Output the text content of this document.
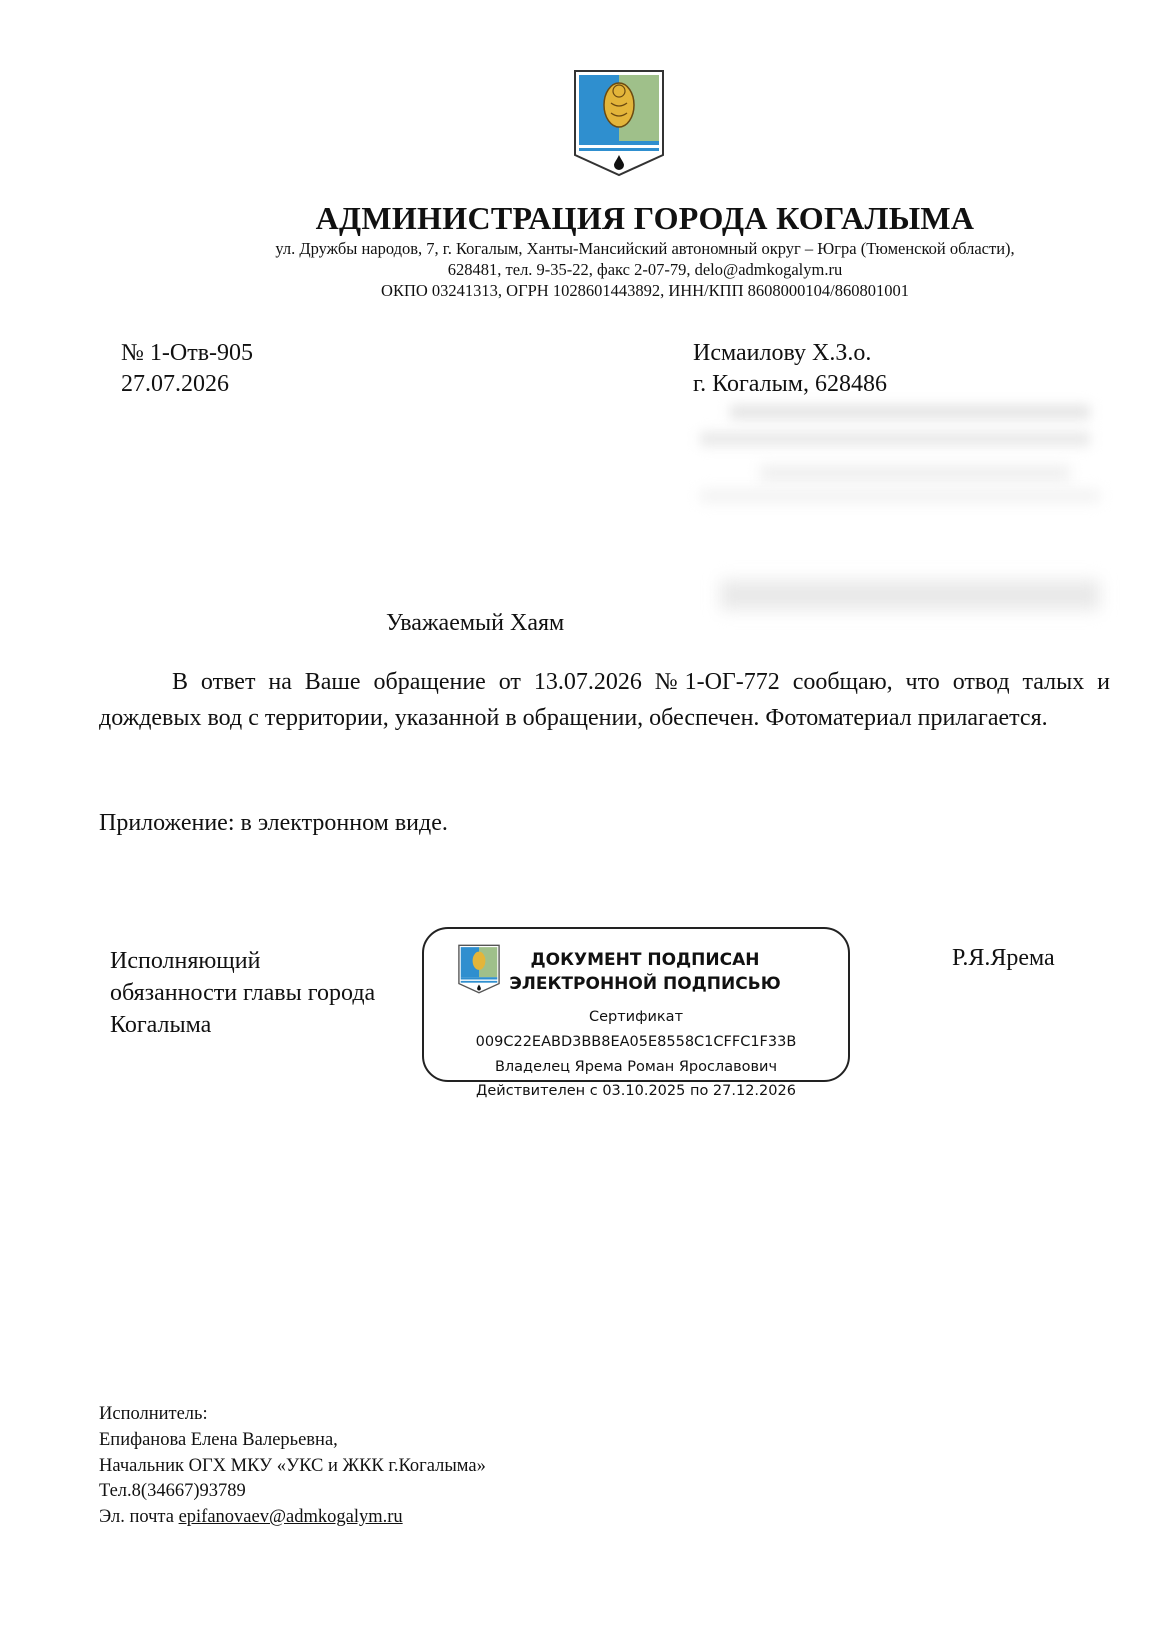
АДМИНИСТРАЦИЯ ГОРОДА КОГАЛЫМА
ул. Дружбы народов, 7, г. Когалым, Ханты-Мансийский автономный округ – Югра (Тюменской области),
628481, тел. 9-35-22, факс 2-07-79, delo@admkogalym.ru
ОКПО 03241313, ОГРН 1028601443892, ИНН/КПП 8608000104/860801001
№ 1-Отв-905
27.07.2026
Исмаилову Х.З.о.
г. Когалым, 628486
Уважаемый Хаям
В ответ на Ваше обращение от 13.07.2026 №1-ОГ-772 сообщаю, что отвод талых и дождевых вод с территории, указанной в обращении, обеспечен. Фотоматериал прилагается.
Приложение: в электронном виде.
Исполняющий
обязанности главы города
Когалыма
Р.Я.Ярема
ДОКУМЕНТ ПОДПИСАН
ЭЛЕКТРОННОЙ ПОДПИСЬЮ
Сертификат
009C22EABD3BB8EA05E8558C1CFFC1F33B
Владелец Ярема Роман Ярославович
Действителен с 03.10.2025 по 27.12.2026
Исполнитель:
Епифанова Елена Валерьевна,
Начальник ОГХ МКУ «УКС и ЖКК г.Когалыма»
Тел.8(34667)93789
Эл. почта epifanovaev@admkogalym.ru
